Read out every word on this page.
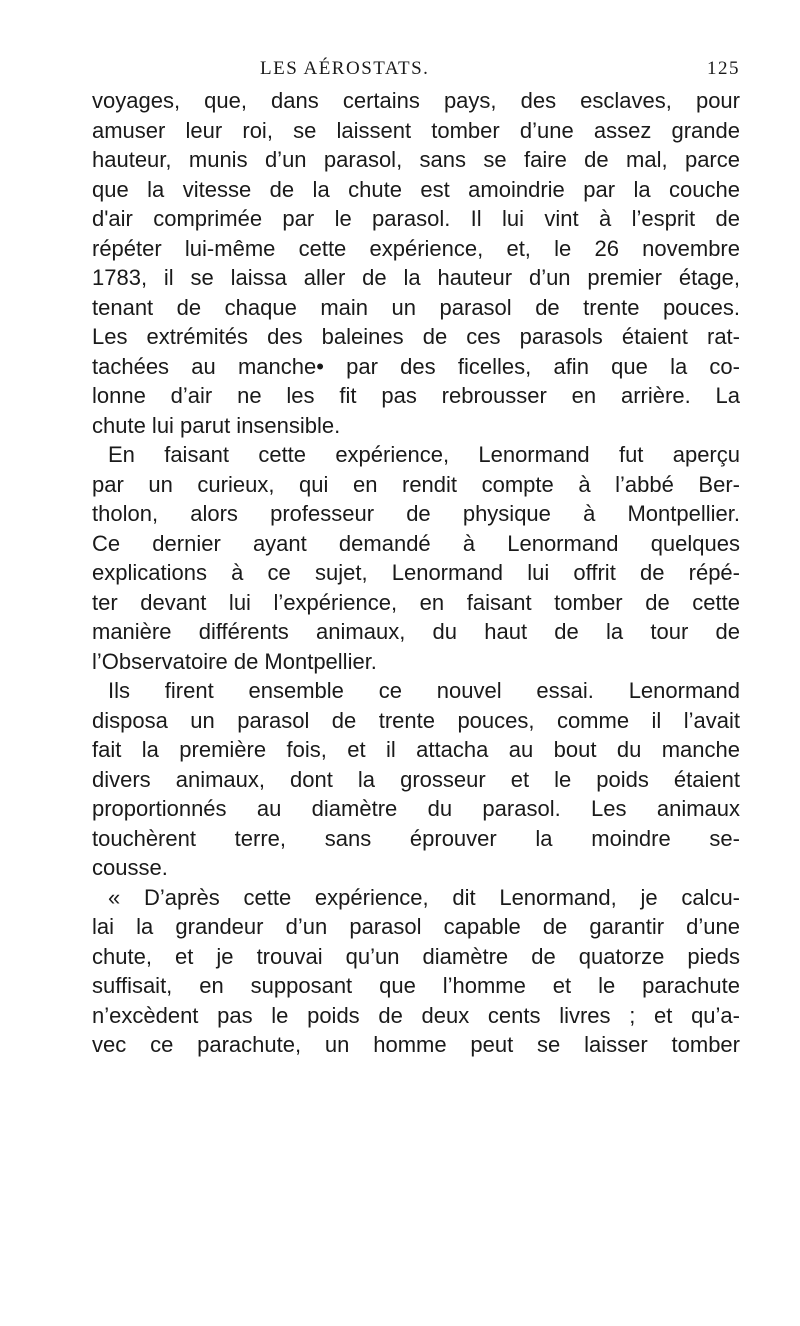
LES AÉROSTATS.	125
voyages, que, dans certains pays, des esclaves, pour
amuser leur roi, se laissent tomber d’une assez grande
hauteur, munis d’un parasol, sans se faire de mal, parce
que la vitesse de la chute est amoindrie par la couche
d'air comprimée par le parasol. Il lui vint à l’esprit de
répéter lui-même cette expérience, et, le 26 novembre
1783, il se laissa aller de la hauteur d’un premier étage,
tenant de chaque main un parasol de trente pouces.
Les extrémités des baleines de ces parasols étaient rat-
tachées au manche• par des ficelles, afin que la co-
lonne d’air ne les fit pas rebrousser en arrière. La
chute lui parut insensible.
En faisant cette expérience, Lenormand fut aperçu
par un curieux, qui en rendit compte à l’abbé Ber-
tholon, alors professeur de physique à Montpellier.
Ce dernier ayant demandé à Lenormand quelques
explications à ce sujet, Lenormand lui offrit de répé-
ter devant lui l’expérience, en faisant tomber de cette
manière différents animaux, du haut de la tour de
l’Observatoire de Montpellier.
Ils firent ensemble ce nouvel essai. Lenormand
disposa un parasol de trente pouces, comme il l’avait
fait la première fois, et il attacha au bout du manche
divers animaux, dont la grosseur et le poids étaient
proportionnés au diamètre du parasol. Les animaux
touchèrent terre, sans éprouver la moindre se-
cousse.
« D’après cette expérience, dit Lenormand, je calcu-
lai la grandeur d’un parasol capable de garantir d’une
chute, et je trouvai qu’un diamètre de quatorze pieds
suffisait, en supposant que l’homme et le parachute
n’excèdent pas le poids de deux cents livres ; et qu’a-
vec ce parachute, un homme peut se laisser tomber
